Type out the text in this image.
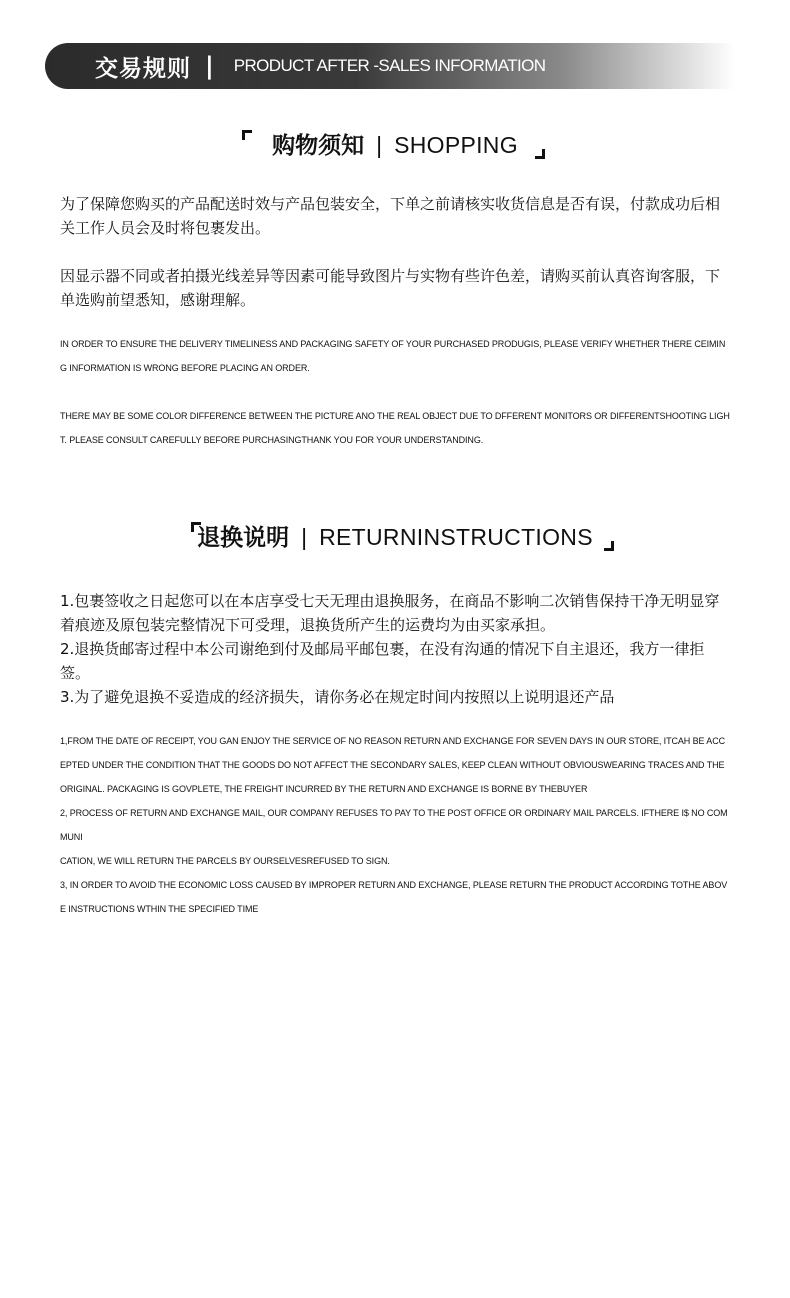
交易规则 | PRODUCT AFTER -SALES INFORMATION
购物须知 | SHOPPING

为了保障您购买的产品配送时效与产品包装安全，下单之前请核实收货信息是否有误，付款成功后相关工作人员会及时将包裹发出。

因显示器不同或者拍摄光线差异等因素可能导致图片与实物有些许色差，请购买前认真咨询客服，下单选购前望悉知，感谢理解。

IN ORDER TO ENSURE THE DELIVERY TIMELINESS AND PACKAGING SAFETY OF YOUR PURCHASED PRODUGIS, PLEASE VERIFY WHETHER THERE CEIMING INFORMATION IS WRONG BEFORE PLACING AN ORDER.

THERE MAY BE SOME COLOR DIFFERENCE BETWEEN THE PICTURE ANO THE REAL OBJECT DUE TO DFFERENT MONITORS OR DIFFERENTSHOOTING LIGHT. PLEASE CONSULT CAREFULLY BEFORE PURCHASINGTHANK YOU FOR YOUR UNDERSTANDING.

退换说明 | RETURNINSTRUCTIONS

1.包裹签收之日起您可以在本店享受七天无理由退换服务，在商品不影响二次销售保持干净无明显穿着痕迹及原包装完整情况下可受理，退换货所产生的运费均为由买家承担。

2.退换货邮寄过程中本公司谢绝到付及邮局平邮包裹，在没有沟通的情况下自主退还，我方一律拒签。

3.为了避免退换不妥造成的经济损失，请你务必在规定时间内按照以上说明退还产品

1,FROM THE DATE OF RECEIPT, YOU GAN ENJOY THE SERVICE OF NO REASON RETURN AND EXCHANGE FOR SEVEN DAYS IN OUR STORE, ITCAH BE ACCEPTED UNDER THE CONDITION THAT THE GOODS DO NOT AFFECT THE SECONDARY SALES, KEEP CLEAN WITHOUT OBVIOUSWEARING TRACES AND THE ORIGINAL. PACKAGING IS GOVPLETE, THE FREIGHT INCURRED BY THE RETURN AND EXCHANGE IS BORNE BY THEBUYER

2, PROCESS OF RETURN AND EXCHANGE MAIL, OUR COMPANY REFUSES TO PAY TO THE POST OFFICE OR ORDINARY MAIL PARCELS. IFTHERE I$ NO COMMUNI

CATION, WE WILL RETURN THE PARCELS BY OURSELVESREFUSED TO SIGN.

3, IN ORDER TO AVOID THE ECONOMIC LOSS CAUSED BY IMPROPER RETURN AND EXCHANGE, PLEASE RETURN THE PRODUCT ACCORDING TOTHE ABOVE INSTRUCTIONS WTHIN THE SPECIFIED TIME
